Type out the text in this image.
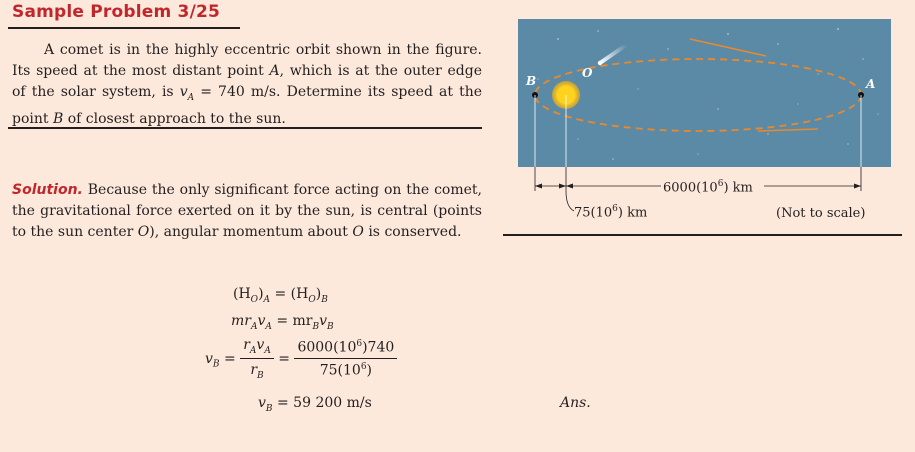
Sample Problem 3/25
A comet is in the highly eccentric orbit shown in the figure. Its speed at the most distant point A, which is at the outer edge of the solar system, is $v_A = 740$ m/s. Determine its speed at the point B of closest approach to the sun.
Solution. Because the only significant force acting on the comet, the gravitational force exerted on it by the sun, is central (points to the sun center O), angular momentum about O is conserved.
$(H_O)_A = (H_O)_B$
$mr_Av_A = mr_Bv_B$
$v_B = \frac{r_Av_A}{r_B} = \frac{6000(10^6)740}{75(10^6)}$
$v_B = 59$ 200 m/s	Ans.
B
O
A
$6000(10^6)$ km
$75(10^6)$ km	(Not to scale)
